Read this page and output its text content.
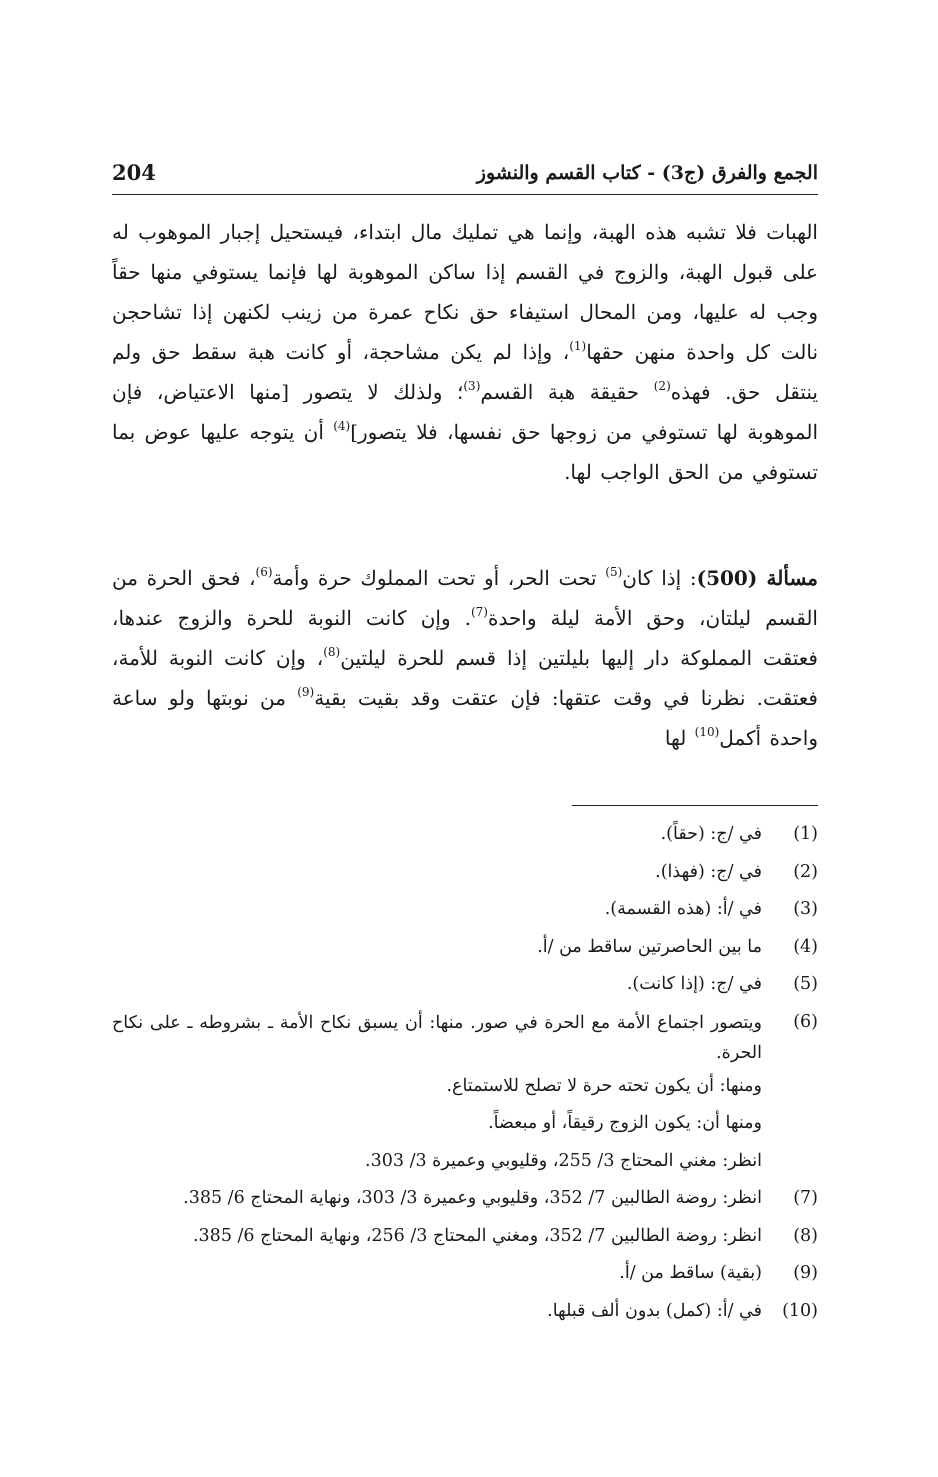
204	الجمع والفرق (ج3) - كتاب القسم والنشوز
الهبات فلا تشبه هذه الهبة، وإنما هي تمليك مال ابتداء، فيستحيل إجبار الموهوب له على قبول الهبة، والزوج في القسم إذا ساكن الموهوبة لها فإنما يستوفي منها حقاً وجب له عليها، ومن المحال استيفاء حق نكاح عمرة من زينب لكنهن إذا تشاحجن نالت كل واحدة منهن حقها$^{(1)}$، وإذا لم يكن مشاحجة، أو كانت هبة سقط حق ولم ينتقل حق. فهذه$^{(2)}$ حقيقة هبة القسم$^{(3)}$؛ ولذلك لا يتصور [منها الاعتياض، فإن الموهوبة لها تستوفي من زوجها حق نفسها، فلا يتصور]$^{(4)}$ أن يتوجه عليها عوض بما تستوفي من الحق الواجب لها.
مسألة (500): إذا كان$^{(5)}$ تحت الحر، أو تحت المملوك حرة وأمة$^{(6)}$، فحق الحرة من القسم ليلتان، وحق الأمة ليلة واحدة$^{(7)}$. وإن كانت النوبة للحرة والزوج عندها، فعتقت المملوكة دار إليها بليلتين إذا قسم للحرة ليلتين$^{(8)}$، وإن كانت النوبة للأمة، فعتقت. نظرنا في وقت عتقها: فإن عتقت وقد بقيت بقية$^{(9)}$ من نوبتها ولو ساعة واحدة أكمل$^{(10)}$ لها
(1)
في /ج: (حقاً).
(2)
في /ج: (فهذا).
(3)
في /أ: (هذه القسمة).
(4)
ما بين الحاصرتين ساقط من /أ.
(5)
في /ج: (إذا كانت).
(6)
ويتصور اجتماع الأمة مع الحرة في صور. منها: أن يسبق نكاح الأمة ـ بشروطه ـ على نكاح الحرة.
ومنها: أن يكون تحته حرة لا تصلح للاستمتاع.
ومنها أن: يكون الزوج رقيقاً، أو مبعضاً.
انظر: مغني المحتاج 3/ 255، وقليوبي وعميرة 3/ 303.
(7)
انظر: روضة الطالبين 7/ 352، وقليوبي وعميرة 3/ 303، ونهاية المحتاج 6/ 385.
(8)
انظر: روضة الطالبين 7/ 352، ومغني المحتاج 3/ 256، ونهاية المحتاج 6/ 385.
(9)
(بقية) ساقط من /أ.
(10)
في /أ: (كمل) بدون ألف قبلها.
